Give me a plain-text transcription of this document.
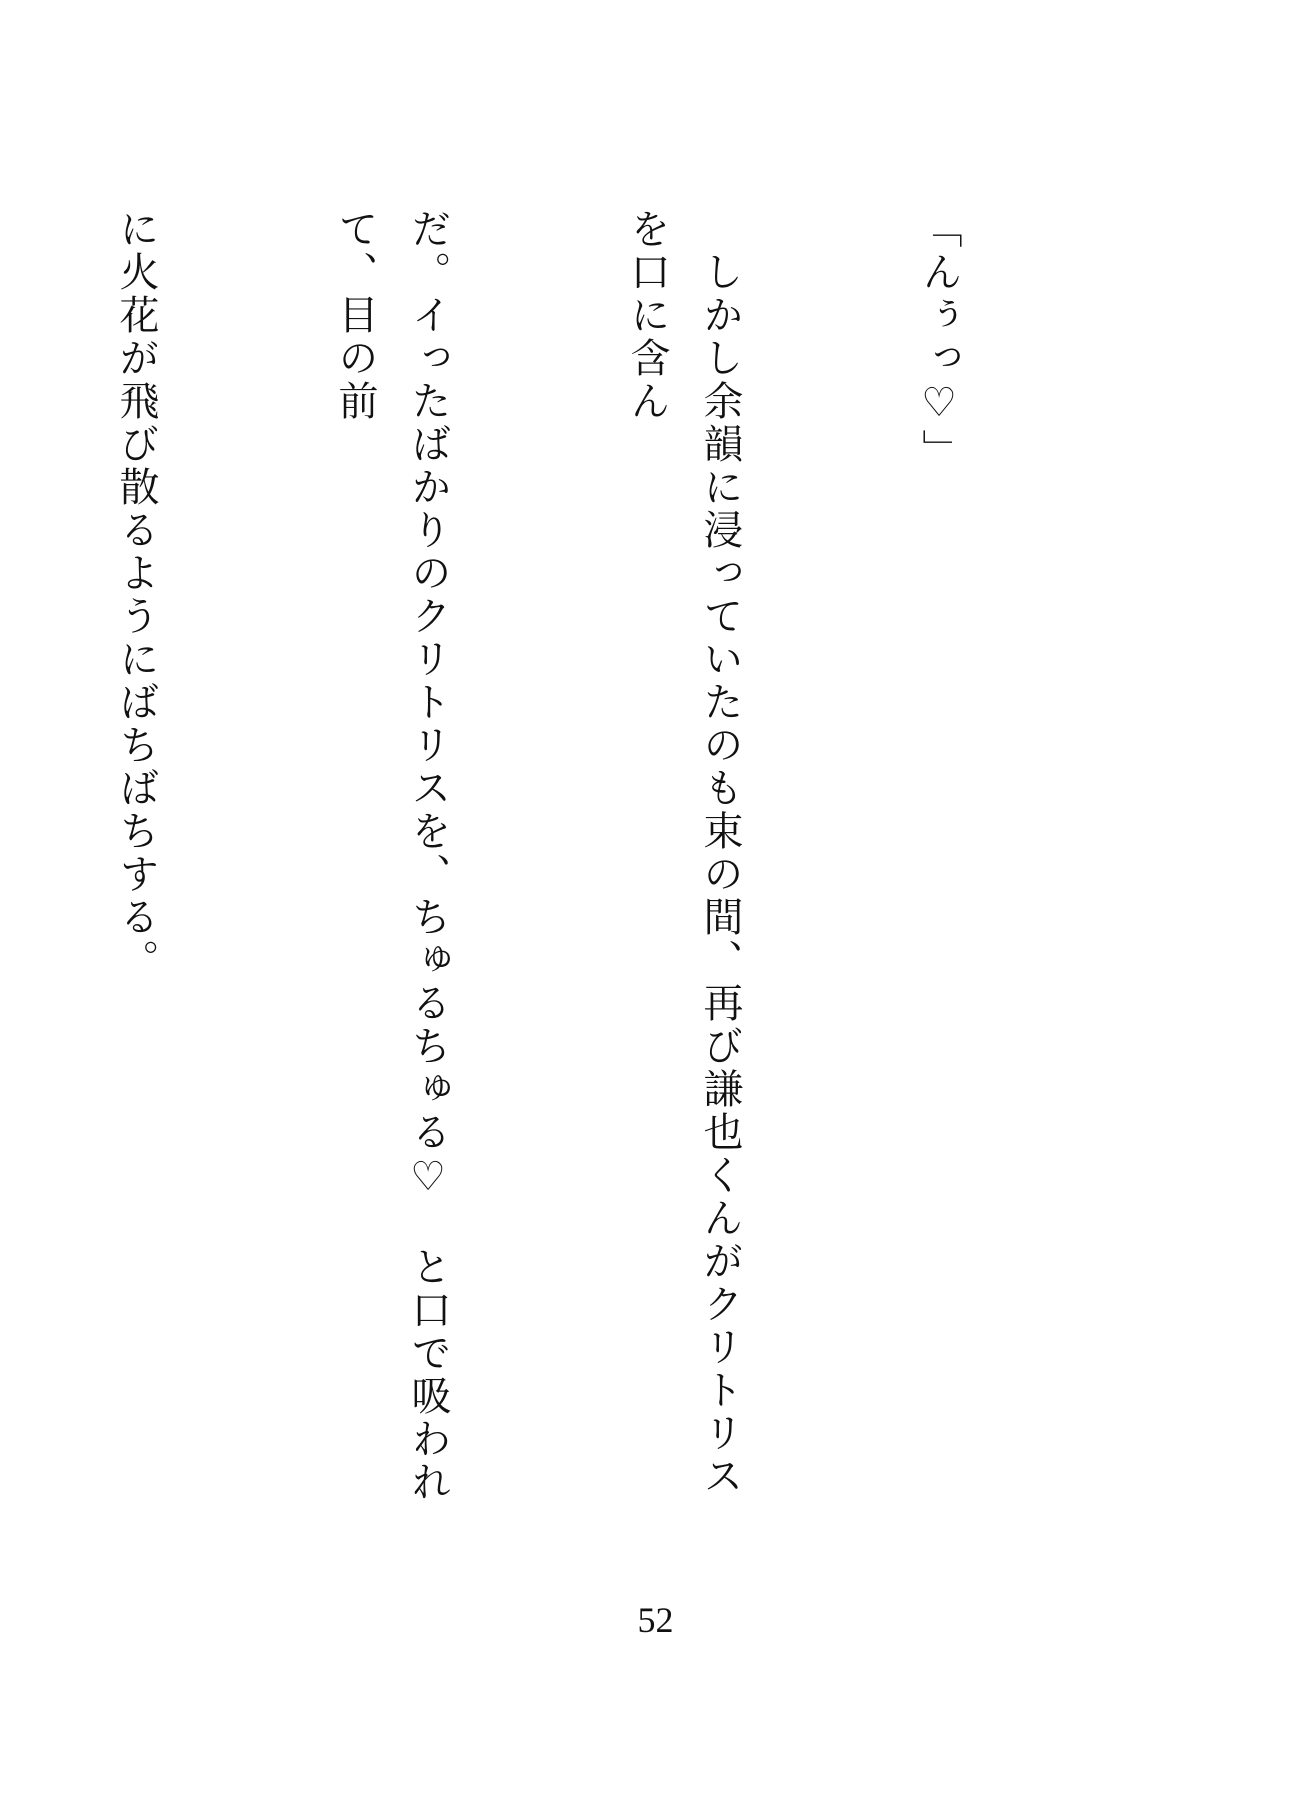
「んぅっ♡」

　しかし余韻に浸っていたのも束の間、再び謙也くんがクリトリスを口に含ん

だ。イったばかりのクリトリスを、ちゅるちゅる♡　と口で吸われて、目の前

に火花が飛び散るようにばちばちする。

52
